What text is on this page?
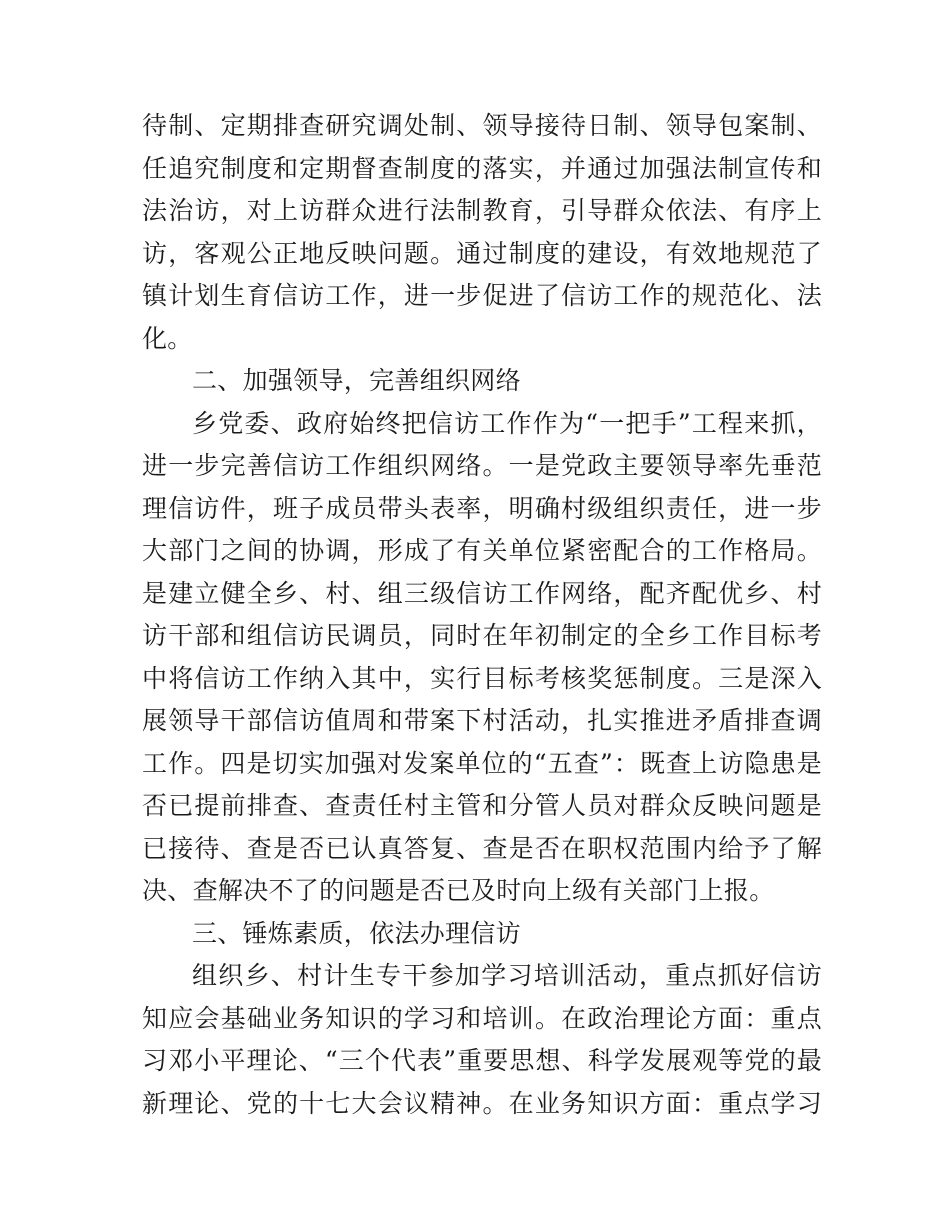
待制、定期排查研究调处制、领导接待日制、领导包案制、
任追究制度和定期督查制度的落实，并通过加强法制宣传和
法治访，对上访群众进行法制教育，引导群众依法、有序上
访，客观公正地反映问题。通过制度的建设，有效地规范了
镇计划生育信访工作，进一步促进了信访工作的规范化、法
化。
二、加强领导，完善组织网络
乡党委、政府始终把信访工作作为“一把手”工程来抓，
进一步完善信访工作组织网络。一是党政主要领导率先垂范
理信访件，班子成员带头表率，明确村级组织责任，进一步
大部门之间的协调，形成了有关单位紧密配合的工作格局。
是建立健全乡、村、组三级信访工作网络，配齐配优乡、村
访干部和组信访民调员，同时在年初制定的全乡工作目标考
中将信访工作纳入其中，实行目标考核奖惩制度。三是深入
展领导干部信访值周和带案下村活动，扎实推进矛盾排查调
工作。四是切实加强对发案单位的“五查”：既查上访隐患是
否已提前排查、查责任村主管和分管人员对群众反映问题是
已接待、查是否已认真答复、查是否在职权范围内给予了解
决、查解决不了的问题是否已及时向上级有关部门上报。
三、锤炼素质，依法办理信访
组织乡、村计生专干参加学习培训活动，重点抓好信访
知应会基础业务知识的学习和培训。在政治理论方面：重点
习邓小平理论、“三个代表”重要思想、科学发展观等党的最
新理论、党的十七大会议精神。在业务知识方面：重点学习
